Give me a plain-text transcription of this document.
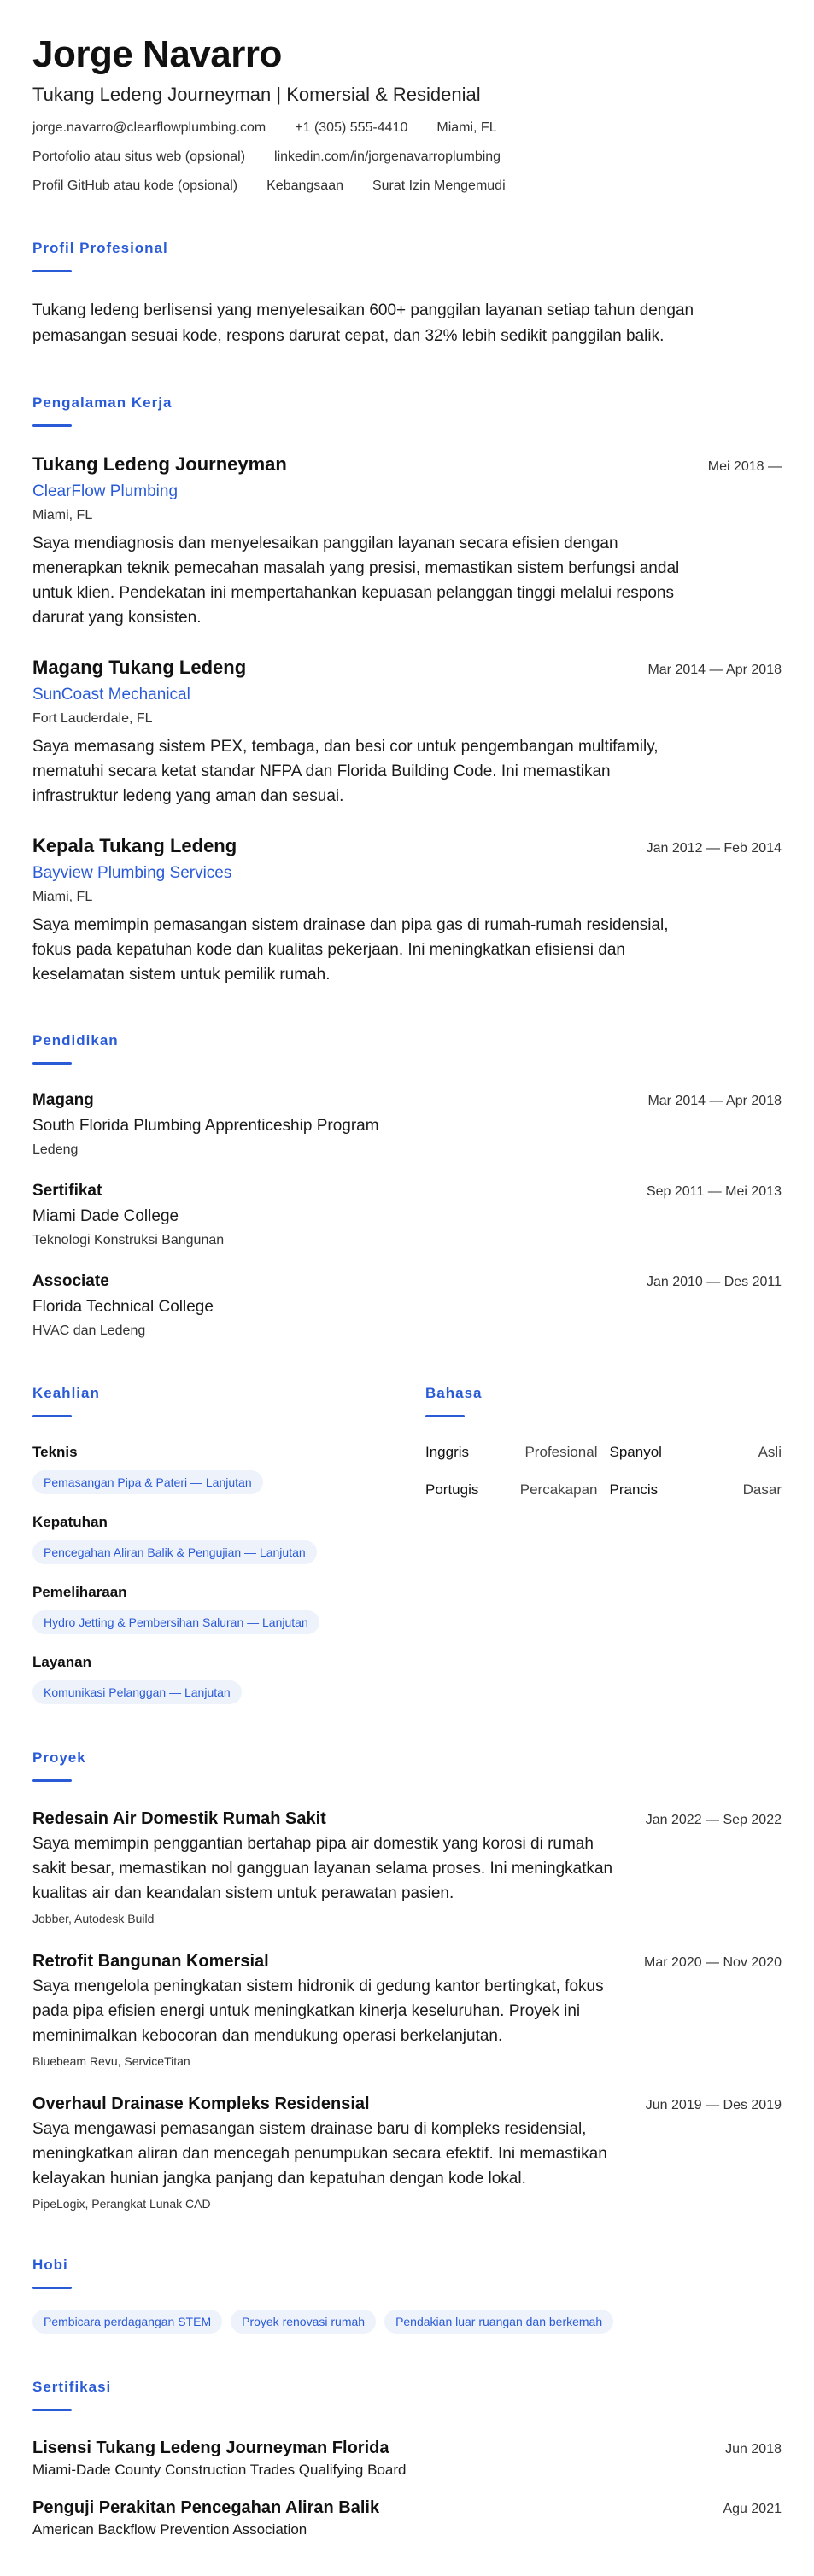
Jorge Navarro
Tukang Ledeng Journeyman | Komersial & Residenial
jorge.navarro@clearflowplumbing.com +1 (305) 555-4410 Miami, FL
Portofolio atau situs web (opsional) linkedin.com/in/jorgenavarroplumbing
Profil GitHub atau kode (opsional) Kebangsaan Surat Izin Mengemudi
Profil Profesional
Tukang ledeng berlisensi yang menyelesaikan 600+ panggilan layanan setiap tahun dengan pemasangan sesuai kode, respons darurat cepat, dan 32% lebih sedikit panggilan balik.
Pengalaman Kerja
Tukang Ledeng Journeyman	Mei 2018 —
ClearFlow Plumbing
Miami, FL
Saya mendiagnosis dan menyelesaikan panggilan layanan secara efisien dengan menerapkan teknik pemecahan masalah yang presisi, memastikan sistem berfungsi andal untuk klien. Pendekatan ini mempertahankan kepuasan pelanggan tinggi melalui respons darurat yang konsisten.
Magang Tukang Ledeng	Mar 2014 — Apr 2018
SunCoast Mechanical
Fort Lauderdale, FL
Saya memasang sistem PEX, tembaga, dan besi cor untuk pengembangan multifamily, mematuhi secara ketat standar NFPA dan Florida Building Code. Ini memastikan infrastruktur ledeng yang aman dan sesuai.
Kepala Tukang Ledeng	Jan 2012 — Feb 2014
Bayview Plumbing Services
Miami, FL
Saya memimpin pemasangan sistem drainase dan pipa gas di rumah-rumah residensial, fokus pada kepatuhan kode dan kualitas pekerjaan. Ini meningkatkan efisiensi dan keselamatan sistem untuk pemilik rumah.
Pendidikan
Magang	Mar 2014 — Apr 2018
South Florida Plumbing Apprenticeship Program
Ledeng
Sertifikat	Sep 2011 — Mei 2013
Miami Dade College
Teknologi Konstruksi Bangunan
Associate	Jan 2010 — Des 2011
Florida Technical College
HVAC dan Ledeng
Keahlian
Teknis
Pemasangan Pipa & Pateri — Lanjutan
Kepatuhan
Pencegahan Aliran Balik & Pengujian — Lanjutan
Pemeliharaan
Hydro Jetting & Pembersihan Saluran — Lanjutan
Layanan
Komunikasi Pelanggan — Lanjutan
Bahasa
Inggris	Profesional Spanyol	Asli
Portugis	Percakapan Prancis	Dasar
Proyek
Redesain Air Domestik Rumah Sakit	Jan 2022 — Sep 2022
Saya memimpin penggantian bertahap pipa air domestik yang korosi di rumah sakit besar, memastikan nol gangguan layanan selama proses. Ini meningkatkan kualitas air dan keandalan sistem untuk perawatan pasien.
Jobber, Autodesk Build
Retrofit Bangunan Komersial	Mar 2020 — Nov 2020
Saya mengelola peningkatan sistem hidronik di gedung kantor bertingkat, fokus pada pipa efisien energi untuk meningkatkan kinerja keseluruhan. Proyek ini meminimalkan kebocoran dan mendukung operasi berkelanjutan.
Bluebeam Revu, ServiceTitan
Overhaul Drainase Kompleks Residensial	Jun 2019 — Des 2019
Saya mengawasi pemasangan sistem drainase baru di kompleks residensial, meningkatkan aliran dan mencegah penumpukan secara efektif. Ini memastikan kelayakan hunian jangka panjang dan kepatuhan dengan kode lokal.
PipeLogix, Perangkat Lunak CAD
Hobi
Pembicara perdagangan STEM	Proyek renovasi rumah	Pendakian luar ruangan dan berkemah
Sertifikasi
Lisensi Tukang Ledeng Journeyman Florida	Jun 2018
Miami-Dade County Construction Trades Qualifying Board
Penguji Perakitan Pencegahan Aliran Balik	Agu 2021
American Backflow Prevention Association
